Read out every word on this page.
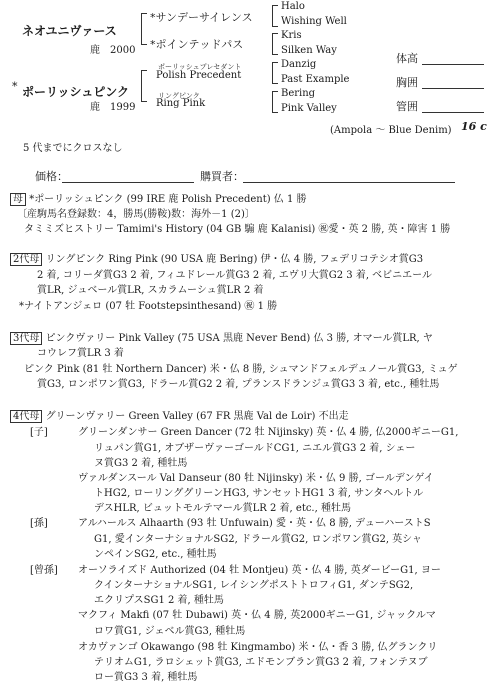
ネオユニヴァース
鹿　2000
* ポーリッシュピンク
鹿　1999
*サンデーサイレンス
*ポインテッドパス
ポーリッシュプレセダント
Polish Precedent
リングピンク
Ring Pink
Halo
Wishing Well
Kris
Silken Way
Danzig
Past Example
Bering
Pink Valley
体高
胸囲
管囲
(Ampola ～ Blue Denim) 16 c
5 代までにクロスなし
価格：	購買者：
母 *ポーリッシュピンク (99 IRE 鹿 Polish Precedent) 仏 1 勝
〔産駒馬名登録数：4，勝馬(勝鞍)数：海外－1 (2)〕
タミミズヒストリー Tamimi's History (04 GB 騸 鹿 Kalanisi) ㊗愛・英 2 勝, 英・障害 1 勝
2代母 リングピンク Ring Pink (90 USA 鹿 Bering) 伊・仏 4 勝, フェデリコテシオ賞G3
2 着, コリーダ賞G3 2 着, フィユドレール賞G3 2 着, エヴリ大賞G2 3 着, ベビニエール
賞LR, ジュベール賞LR, スカラムーシュ賞LR 2 着
*ナイトアンジェロ (07 牡 Footstepsinthesand) ㊗ 1 勝
3代母 ピンクヴァリー Pink Valley (75 USA 黒鹿 Never Bend) 仏 3 勝, オマール賞LR, ヤ
コウレフ賞LR 3 着
ピンク Pink (81 牡 Northern Dancer) 米・仏 8 勝, シュマンドフェルデュノール賞G3, ミュゲ
賞G3, ロンポワン賞G3, ドラール賞G2 2 着, プランスドランジュ賞G3 3 着, etc., 種牡馬
4代母 グリーンヴァリー Green Valley (67 FR 黒鹿 Val de Loir) 不出走
[子]
[孫]
[曾孫]
グリーンダンサー Green Dancer (72 牡 Nijinsky) 英・仏 4 勝, 仏2000ギニーG1,
リュパン賞G1, オブザーヴァーゴールドCG1, ニエル賞G3 2 着, シェー
ヌ賞G3 2 着, 種牡馬
ヴァルダンスール Val Danseur (80 牡 Nijinsky) 米・仏 9 勝, ゴールデンゲイ
トHG2, ローリンググリーンHG3, サンセットHG1 3 着, サンタヘルトル
デスHLR, ビュットモルテマール賞LR 2 着, etc., 種牡馬
アルハールス Alhaarth (93 牡 Unfuwain) 愛・英・仏 8 勝, デューハーストS
G1, 愛インターナショナルSG2, ドラール賞G2, ロンポワン賞G2, 英シャ
ンペインSG2, etc., 種牡馬
オーソライズド Authorized (04 牡 Montjeu) 英・仏 4 勝, 英ダービーG1, ヨー
クインターナショナルSG1, レイシングポストトロフィG1, ダンテSG2,
エクリプスSG1 2 着, 種牡馬
マクフィ Makfi (07 牡 Dubawi) 英・仏 4 勝, 英2000ギニーG1, ジャックルマ
ロワ賞G1, ジェベル賞G3, 種牡馬
オカヴァンゴ Okawango (98 牡 Kingmambo) 米・仏・香 3 勝, 仏グランクリ
テリオムG1, ラロシェット賞G3, エドモンブラン賞G3 2 着, フォンテヌブ
ロー賞G3 3 着, 種牡馬
